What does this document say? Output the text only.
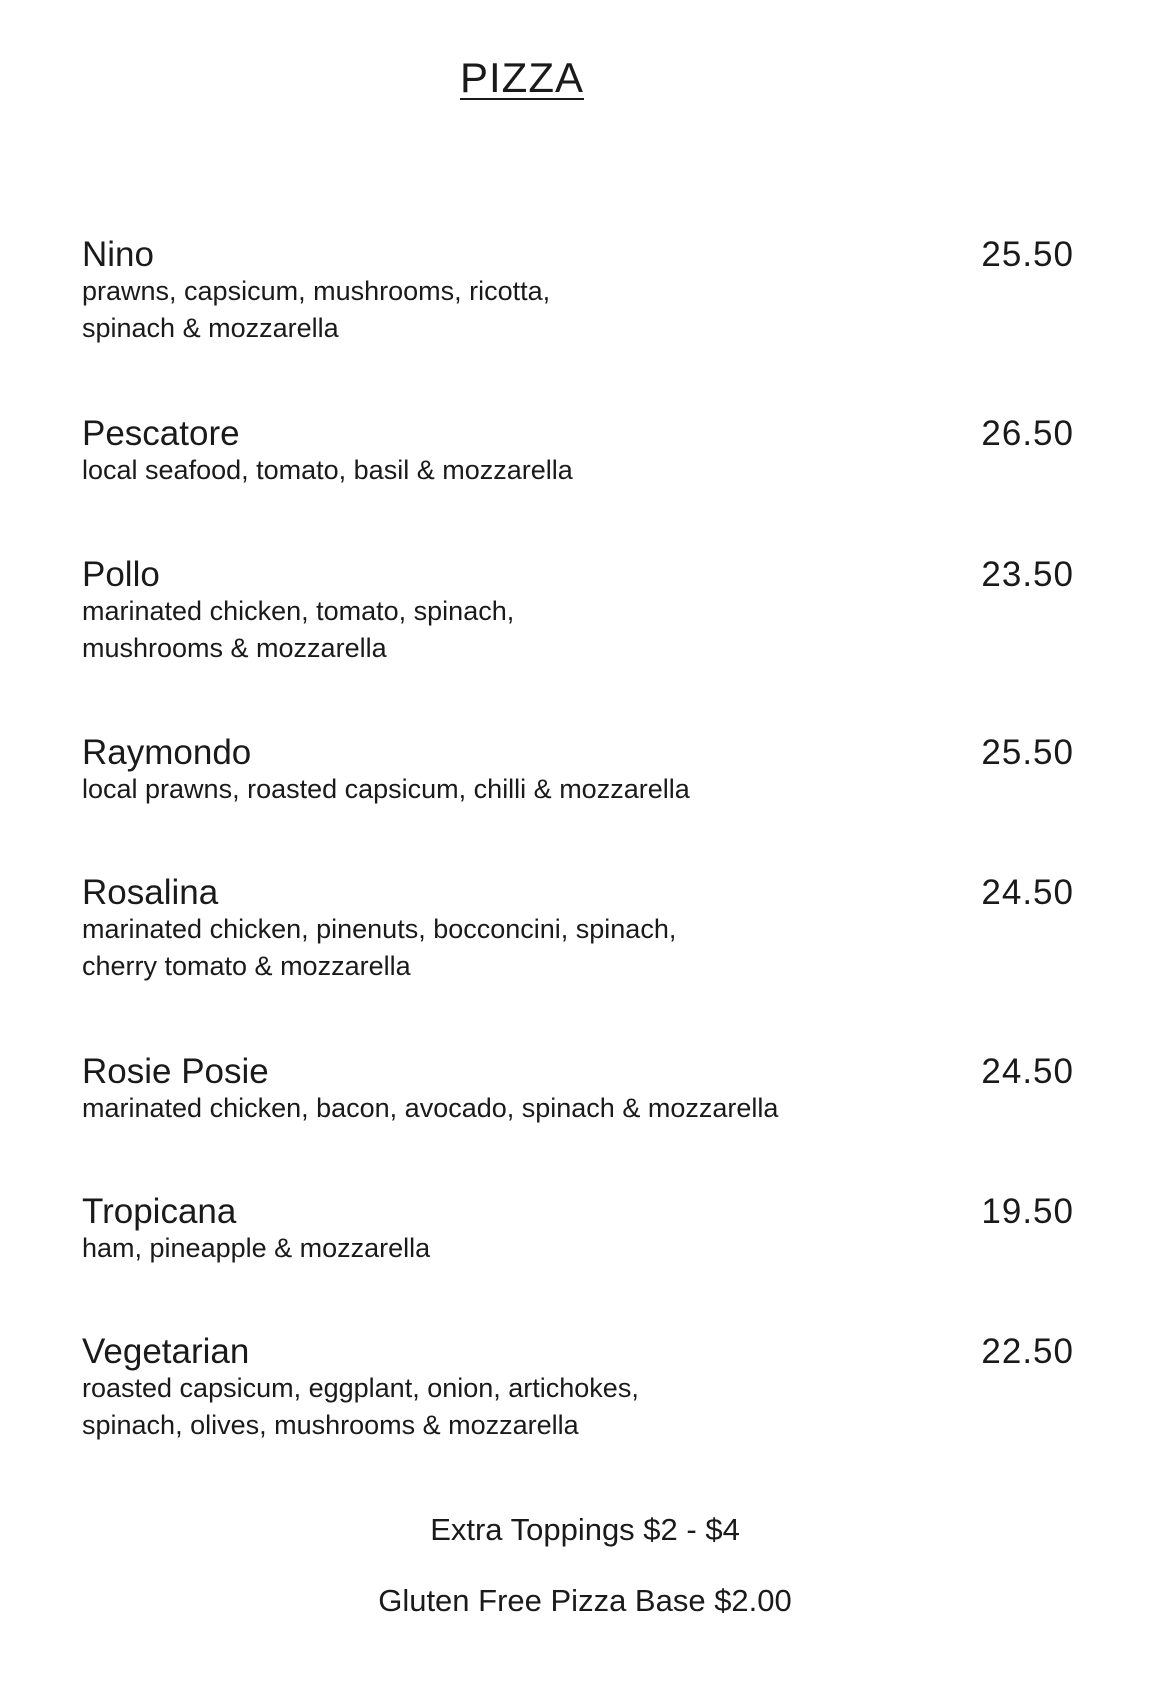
PIZZA
Nino	25.50
prawns, capsicum, mushrooms, ricotta,
spinach & mozzarella
Pescatore	26.50
local seafood, tomato, basil & mozzarella
Pollo	23.50
marinated chicken, tomato, spinach,
mushrooms & mozzarella
Raymondo	25.50
local prawns, roasted capsicum, chilli & mozzarella
Rosalina	24.50
marinated chicken, pinenuts, bocconcini, spinach,
cherry tomato & mozzarella
Rosie Posie	24.50
marinated chicken, bacon, avocado, spinach & mozzarella
Tropicana	19.50
ham, pineapple & mozzarella
Vegetarian	22.50
roasted capsicum, eggplant, onion, artichokes,
spinach, olives, mushrooms & mozzarella
Extra Toppings $2 - $4
Gluten Free Pizza Base $2.00
